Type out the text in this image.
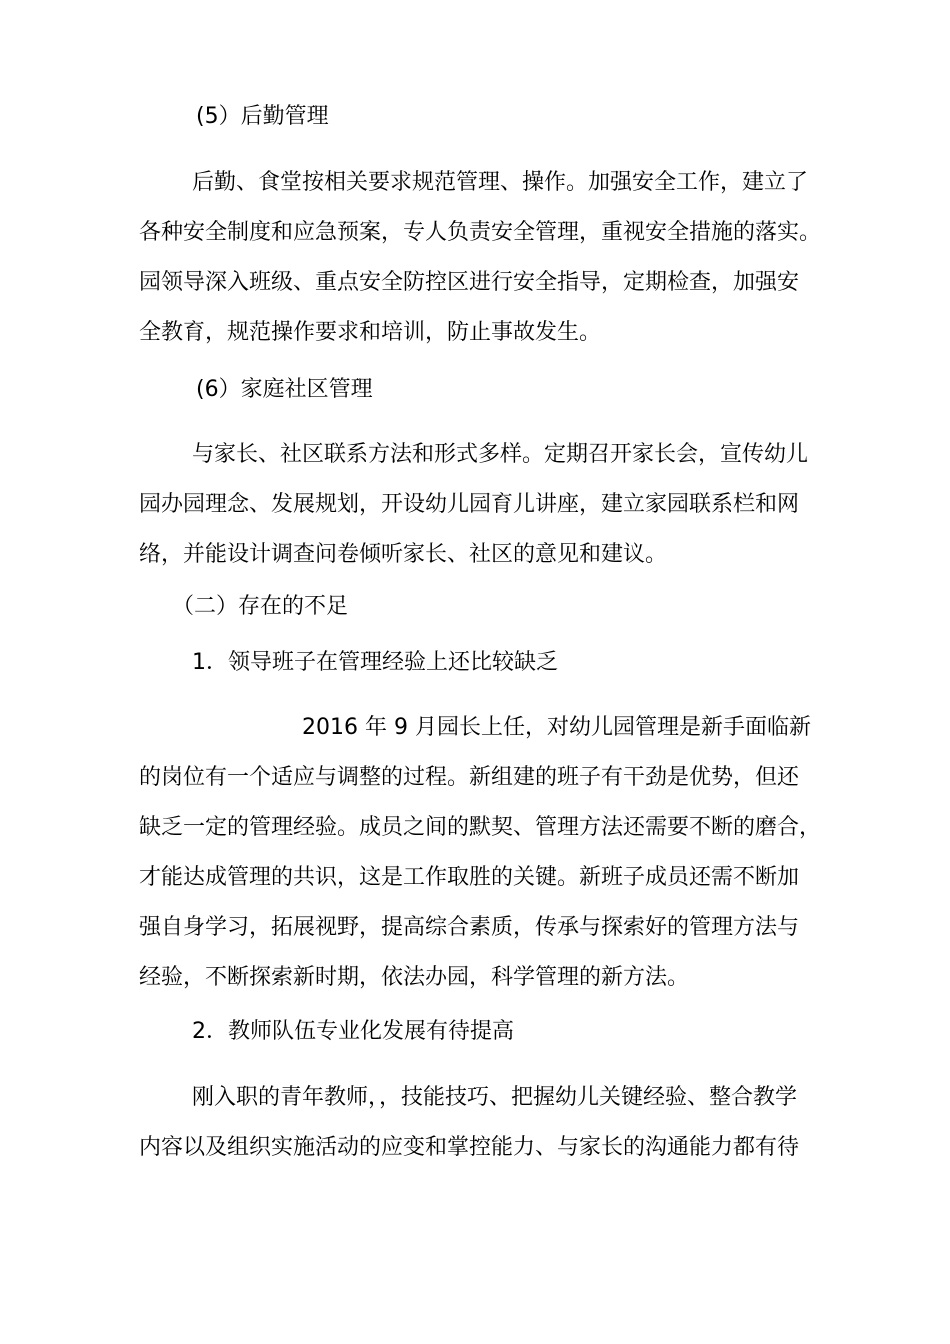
(5）后勤管理
后勤、食堂按相关要求规范管理、操作。加强安全工作，建立了
各种安全制度和应急预案，专人负责安全管理，重视安全措施的落实。
园领导深入班级、重点安全防控区进行安全指导，定期检查，加强安
全教育，规范操作要求和培训，防止事故发生。
(6）家庭社区管理
与家长、社区联系方法和形式多样。定期召开家长会，宣传幼儿
园办园理念、发展规划，开设幼儿园育儿讲座，建立家园联系栏和网
络，并能设计调查问卷倾听家长、社区的意见和建议。
（二）存在的不足
1．领导班子在管理经验上还比较缺乏
2016 年 9 月园长上任，对幼儿园管理是新手面临新
的岗位有一个适应与调整的过程。新组建的班子有干劲是优势，但还
缺乏一定的管理经验。成员之间的默契、管理方法还需要不断的磨合，
才能达成管理的共识，这是工作取胜的关键。新班子成员还需不断加
强自身学习，拓展视野，提高综合素质，传承与探索好的管理方法与
经验，不断探索新时期，依法办园，科学管理的新方法。
2．教师队伍专业化发展有待提高
刚入职的青年教师，，技能技巧、把握幼儿关键经验、整合教学
内容以及组织实施活动的应变和掌控能力、与家长的沟通能力都有待
